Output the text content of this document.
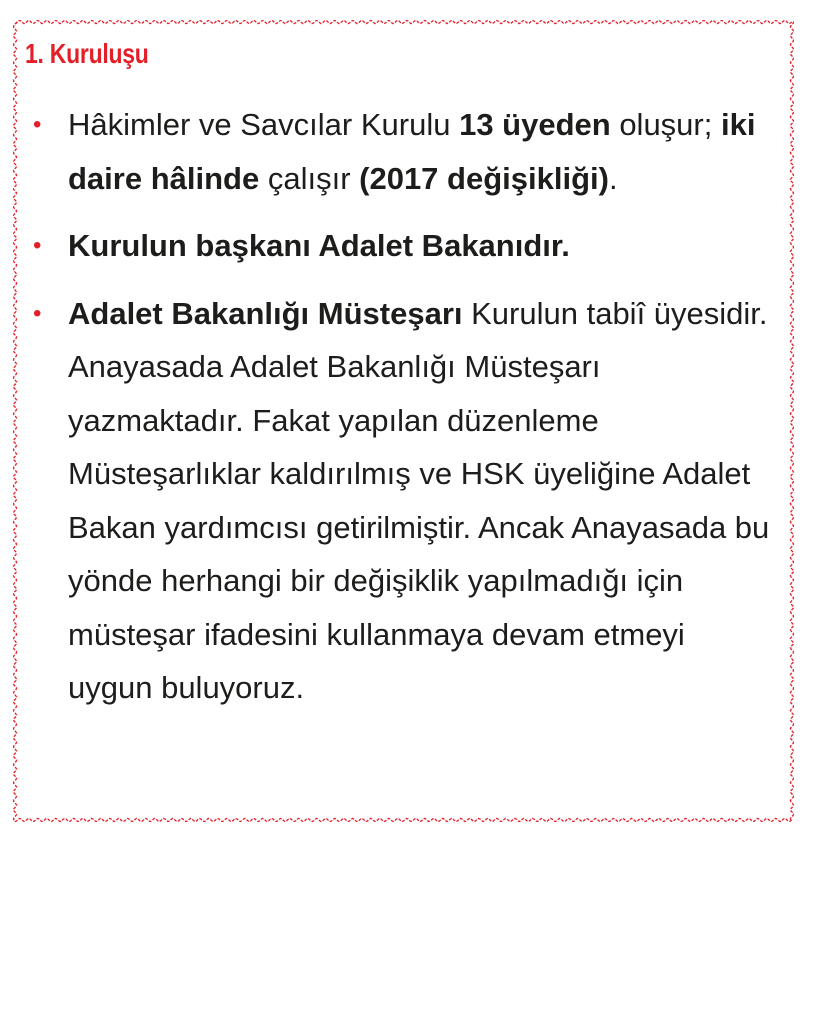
1. Kuruluşu
• Hâkimler ve Savcılar Kurulu 13 üyeden oluşur; iki daire hâlinde çalışır (2017 değişikliği).
• Kurulun başkanı Adalet Bakanıdır.
• Adalet Bakanlığı Müsteşarı Kurulun tabiî üyesidir. Anayasada Adalet Bakanlığı Müsteşarı yazmaktadır. Fakat yapılan düzenleme Müsteşarlıklar kaldırılmış ve HSK üyeliğine Adalet Bakan yardımcısı getirilmiştir. Ancak Anayasada bu yönde herhangi bir değişiklik yapılmadığı için müsteşar ifadesini kullanmaya devam etmeyi uygun buluyoruz.
